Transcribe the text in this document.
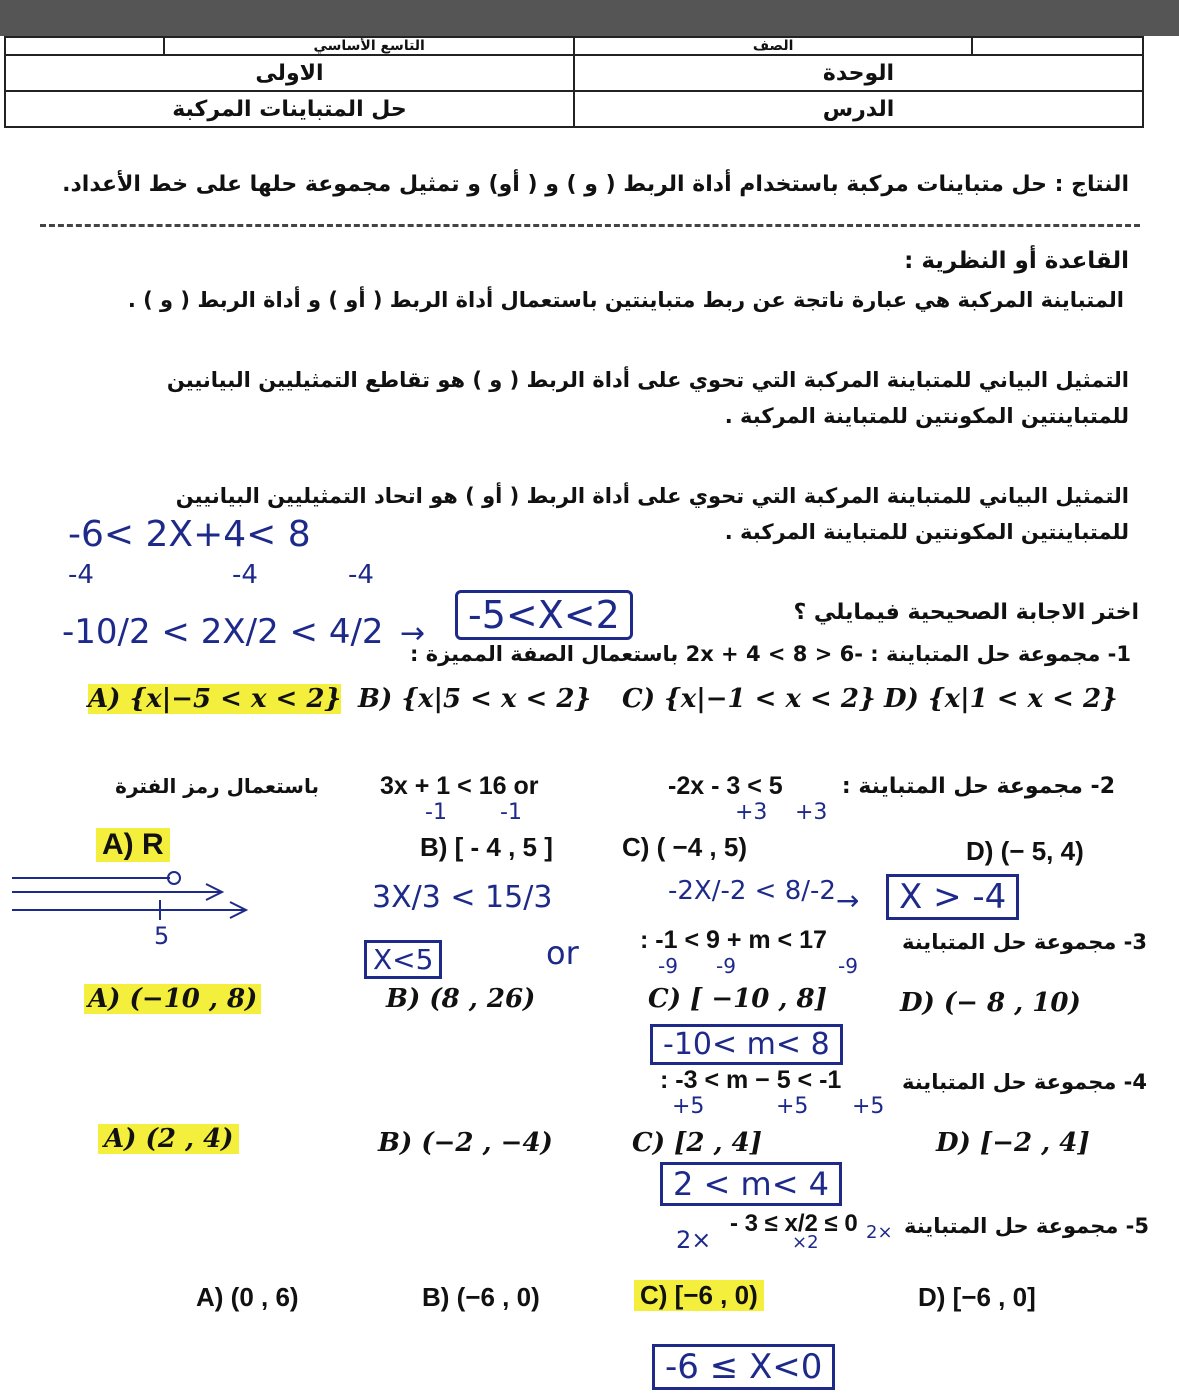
	التاسع الأساسي	الصف	
الاولى		الوحدة	
حل المتباينات المركبة		الدرس	
النتاج : حل متباينات مركبة باستخدام أداة الربط ( و ) و ( أو) و تمثيل مجموعة حلها على خط الأعداد.
القاعدة أو النظرية :
المتباينة المركبة هي عبارة ناتجة عن ربط متباينتين باستعمال أداة الربط ( أو ) و أداة الربط ( و ) .
التمثيل البياني للمتباينة المركبة التي تحوي على أداة الربط ( و ) هو تقاطع التمثيليين البيانيين
للمتباينتين المكونتين للمتباينة المركبة .
التمثيل البياني للمتباينة المركبة التي تحوي على أداة الربط ( أو ) هو اتحاد التمثيليين البيانيين
للمتباينتين المكونتين للمتباينة المركبة .
-6< 2X+4< 8
-4	-4	-4
-10/2 < 2X/2 < 4/2	-5<X<2
→
اختر الاجابة الصحيحية فيمايلي ؟
1- مجموعة حل المتباينة : -6 < 2x + 4 < 8 باستعمال الصفة المميزة :
A) {x|−5 < x < 2} B) {x|5 < x < 2} C) {x|−1 < x < 2} D) {x|1 < x < 2}
2- مجموعة حل المتباينة :
-2x - 3 < 5
3x + 1 < 16 or
باستعمال رمز الفترة
+3 +3
-1 -1
A) R	B) [ - 4 , 5 ]	C) ( −4 , 5)	D) (− 5, 4)
5
3X/3 < 15/3
X<5	or
-2X/-2 < 8/-2 →	X > -4
3- مجموعة حل المتباينة
: -1 < 9 + m < 17
-9 -9	-9
A) (−10 , 8)	B) (8 , 26)	C) [ −10 , 8]	D) (− 8 , 10)
-10< m< 8
4- مجموعة حل المتباينة
: -3 < m − 5 < -1
+5	+5 +5
A) (2 , 4)	B) (−2 , −4)	C) [2 , 4]	D) [−2 , 4]
2 < m< 4
5- مجموعة حل المتباينة
- 3 ≤ x/2 ≤ 0
2×	×2	2×
A) (0 , 6)	B) (−6 , 0)	C) [−6 , 0)	D) [−6 , 0]
-6 ≤ X<0
